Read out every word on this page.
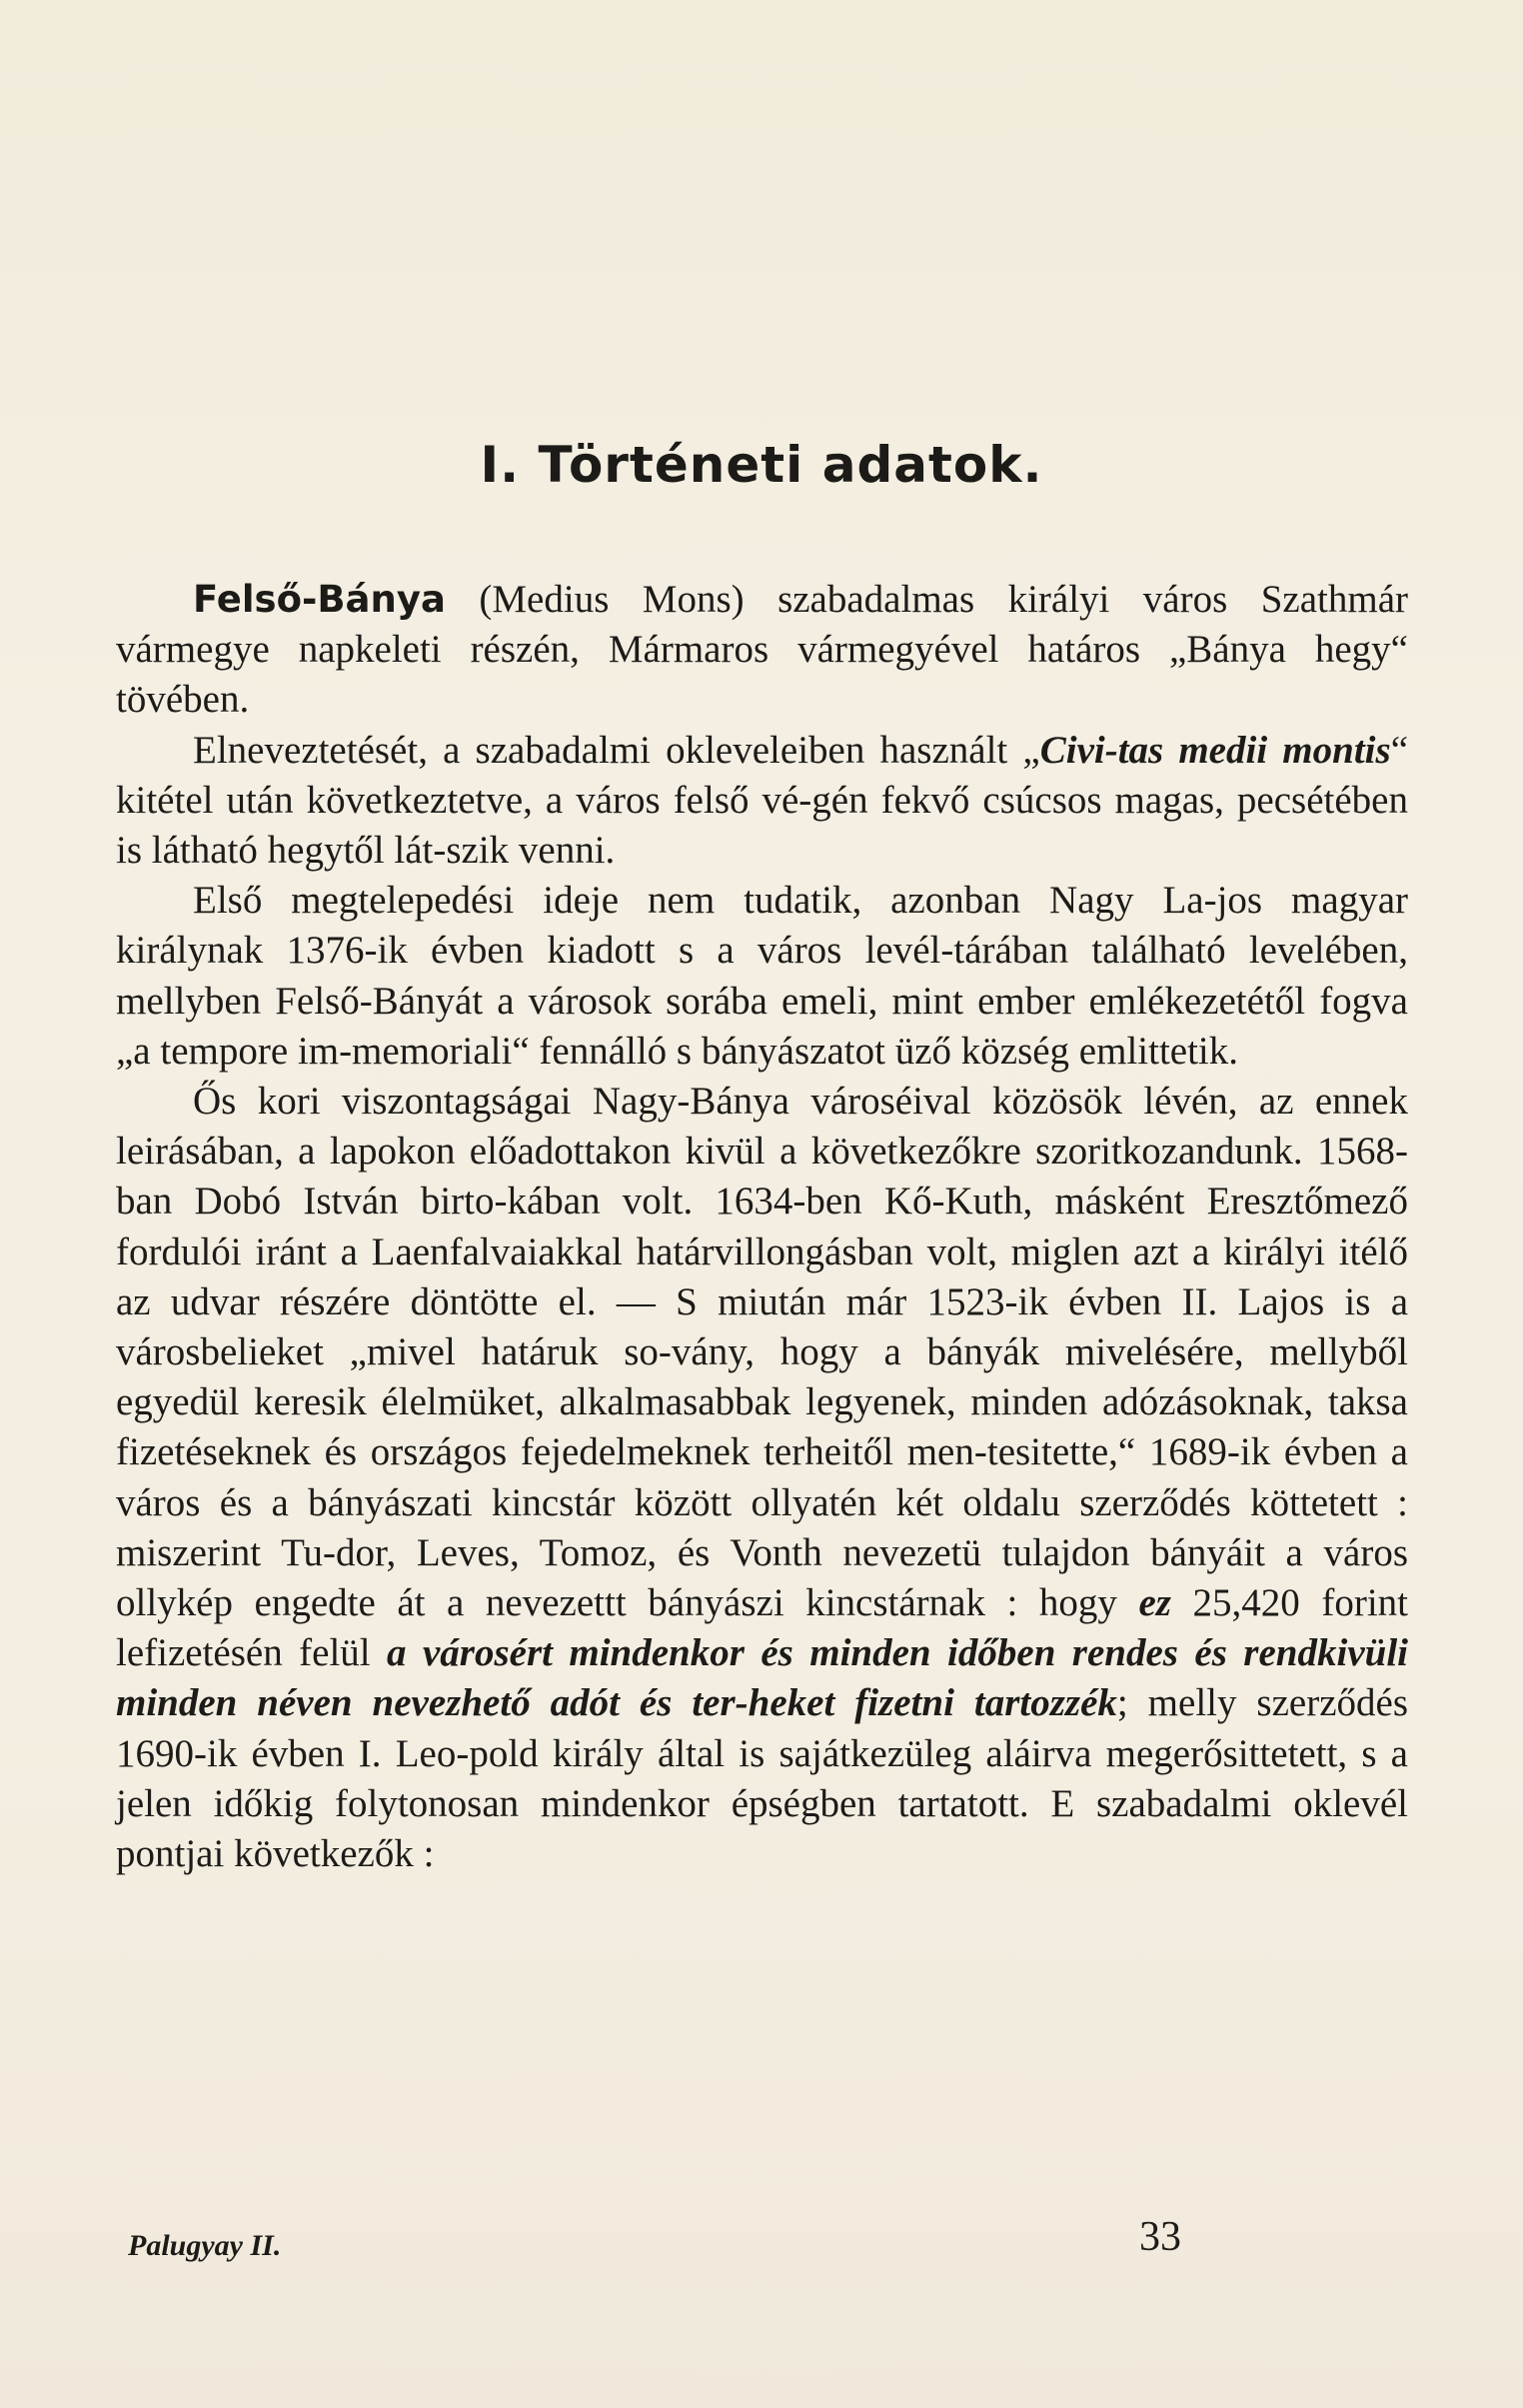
I. Történeti adatok.

Felső-Bánya (Medius Mons) szabadalmas királyi város Szathmár vármegye napkeleti részén, Mármaros vármegyével határos „Bánya hegy“ tövében.

Elneveztetését, a szabadalmi okleveleiben használt „Civi-tas medii montis“ kitétel után következtetve, a város felső vé-gén fekvő csúcsos magas, pecsétében is látható hegytől lát-szik venni.

Első megtelepedési ideje nem tudatik, azonban Nagy La-jos magyar királynak 1376-ik évben kiadott s a város levél-tárában található levelében, mellyben Felső-Bányát a városok sorába emeli, mint ember emlékezetétől fogva „a tempore im-memoriali“ fennálló s bányászatot üző község emlittetik.

Ős kori viszontagságai Nagy-Bánya városéival közösök lévén, az ennek leirásában, a lapokon előadottakon kivül a következőkre szoritkozandunk. 1568-ban Dobó István birto-kában volt. 1634-ben Kő-Kuth, másként Eresztőmező fordulói iránt a Laenfalvaiakkal határvillongásban volt, miglen azt a királyi itélő az udvar részére döntötte el. — S miután már 1523-ik évben II. Lajos is a városbelieket „mivel határuk so-vány, hogy a bányák mivelésére, mellyből egyedül keresik élelmüket, alkalmasabbak legyenek, minden adózásoknak, taksa fizetéseknek és országos fejedelmeknek terheitől men-tesitette,“ 1689-ik évben a város és a bányászati kincstár között ollyatén két oldalu szerződés köttetett : miszerint Tu-dor, Leves, Tomoz, és Vonth nevezetü tulajdon bányáit a város ollykép engedte át a nevezettt bányászi kincstárnak : hogy ez 25,420 forint lefizetésén felül a városért mindenkor és minden időben rendes és rendkivüli minden néven nevezhető adót és ter-heket fizetni tartozzék; melly szerződés 1690-ik évben I. Leo-pold király által is sajátkezüleg aláirva megerősittetett, s a jelen időkig folytonosan mindenkor épségben tartatott. E szabadalmi oklevél pontjai következők :

Palugyay II.	33
